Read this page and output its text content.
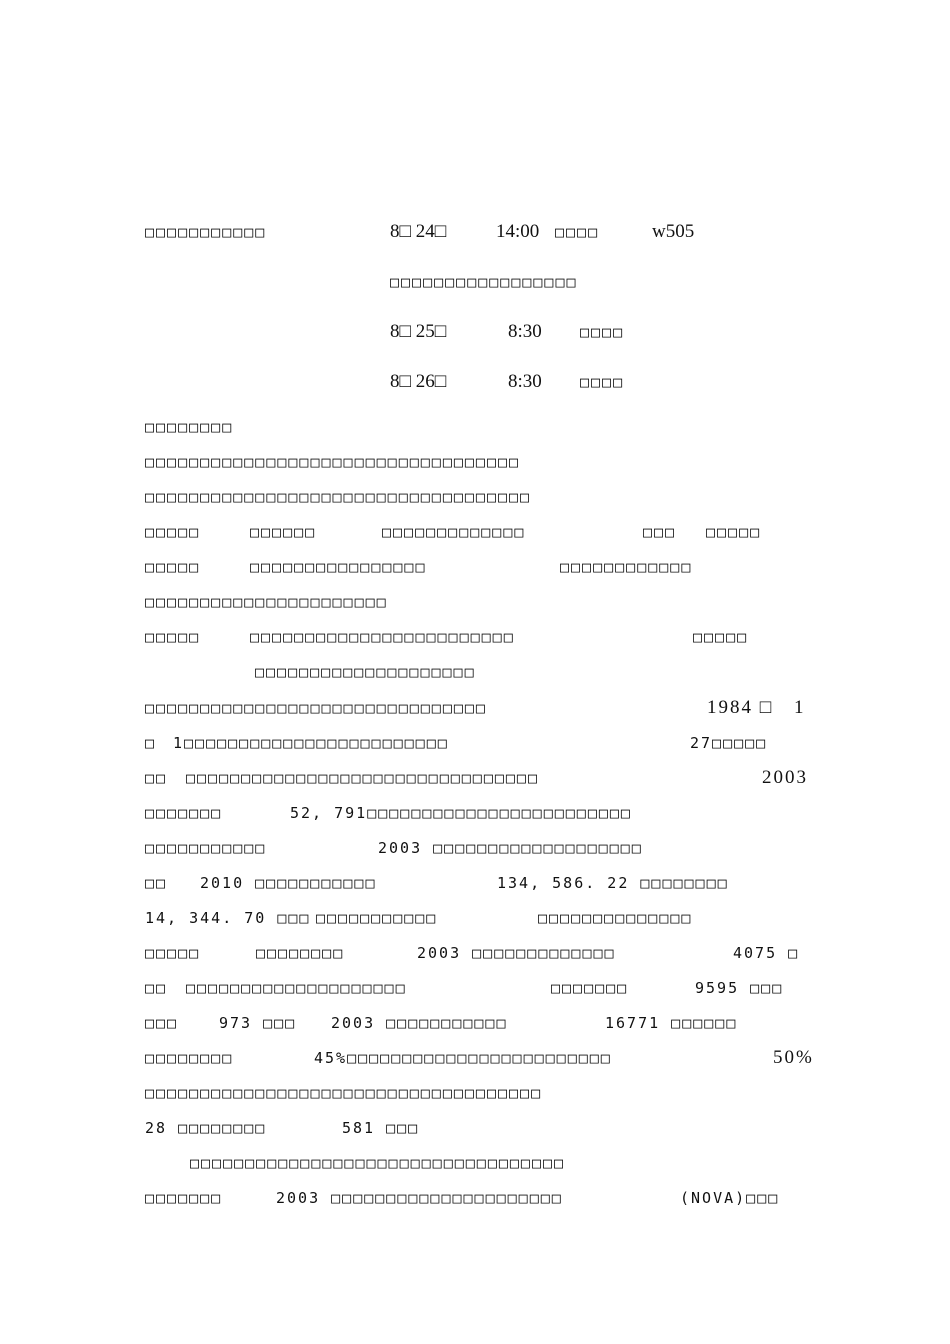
□□□□□□□□□□□	8□ 24□	14:00 □□□□	w505
□□□□□□□□□□□□□□□□□
8□ 25□	8:30	□□□□
8□ 26□	8:30	□□□□
□□□□□□□□
□□□□□□□□□□□□□□□□□□□□□□□□□□□□□□□□□□
□□□□□□□□□□□□□□□□□□□□□□□□□□□□□□□□□□□
□□□□□	□□□□□□	□□□□□□□□□□□□□	□□□ □□□□□
□□□□□	□□□□□□□□□□□□□□□□	□□□□□□□□□□□□
□□□□□□□□□□□□□□□□□□□□□□
□□□□□	□□□□□□□□□□□□□□□□□□□□□□□□	□□□□□
□□□□□□□□□□□□□□□□□□□□
□□□□□□□□□□□□□□□□□□□□□□□□□□□□□□□	1984 □ 1
□ 1□□□□□□□□□□□□□□□□□□□□□□□□	27□□□□□
□□ □□□□□□□□□□□□□□□□□□□□□□□□□□□□□□□□	2003
□□□□□□□	52, 791□□□□□□□□□□□□□□□□□□□□□□□□
□□□□□□□□□□□	2003 □□□□□□□□□□□□□□□□□□□
□□ 2010 □□□□□□□□□□□	134, 586. 22 □□□□□□□□
14, 344. 70 □□□ □□□□□□□□□□□	□□□□□□□□□□□□□□
□□□□□	□□□□□□□□	2003 □□□□□□□□□□□□□	4075 □
□□ □□□□□□□□□□□□□□□□□□□□	□□□□□□□	9595 □□□
□□□	973 □□□ 2003 □□□□□□□□□□□	16771 □□□□□□
□□□□□□□□	45%□□□□□□□□□□□□□□□□□□□□□□□□	50%
□□□□□□□□□□□□□□□□□□□□□□□□□□□□□□□□□□□□
28 □□□□□□□□	581 □□□
□□□□□□□□□□□□□□□□□□□□□□□□□□□□□□□□□□
□□□□□□□	2003 □□□□□□□□□□□□□□□□□□□□□	(NOVA)□□□
